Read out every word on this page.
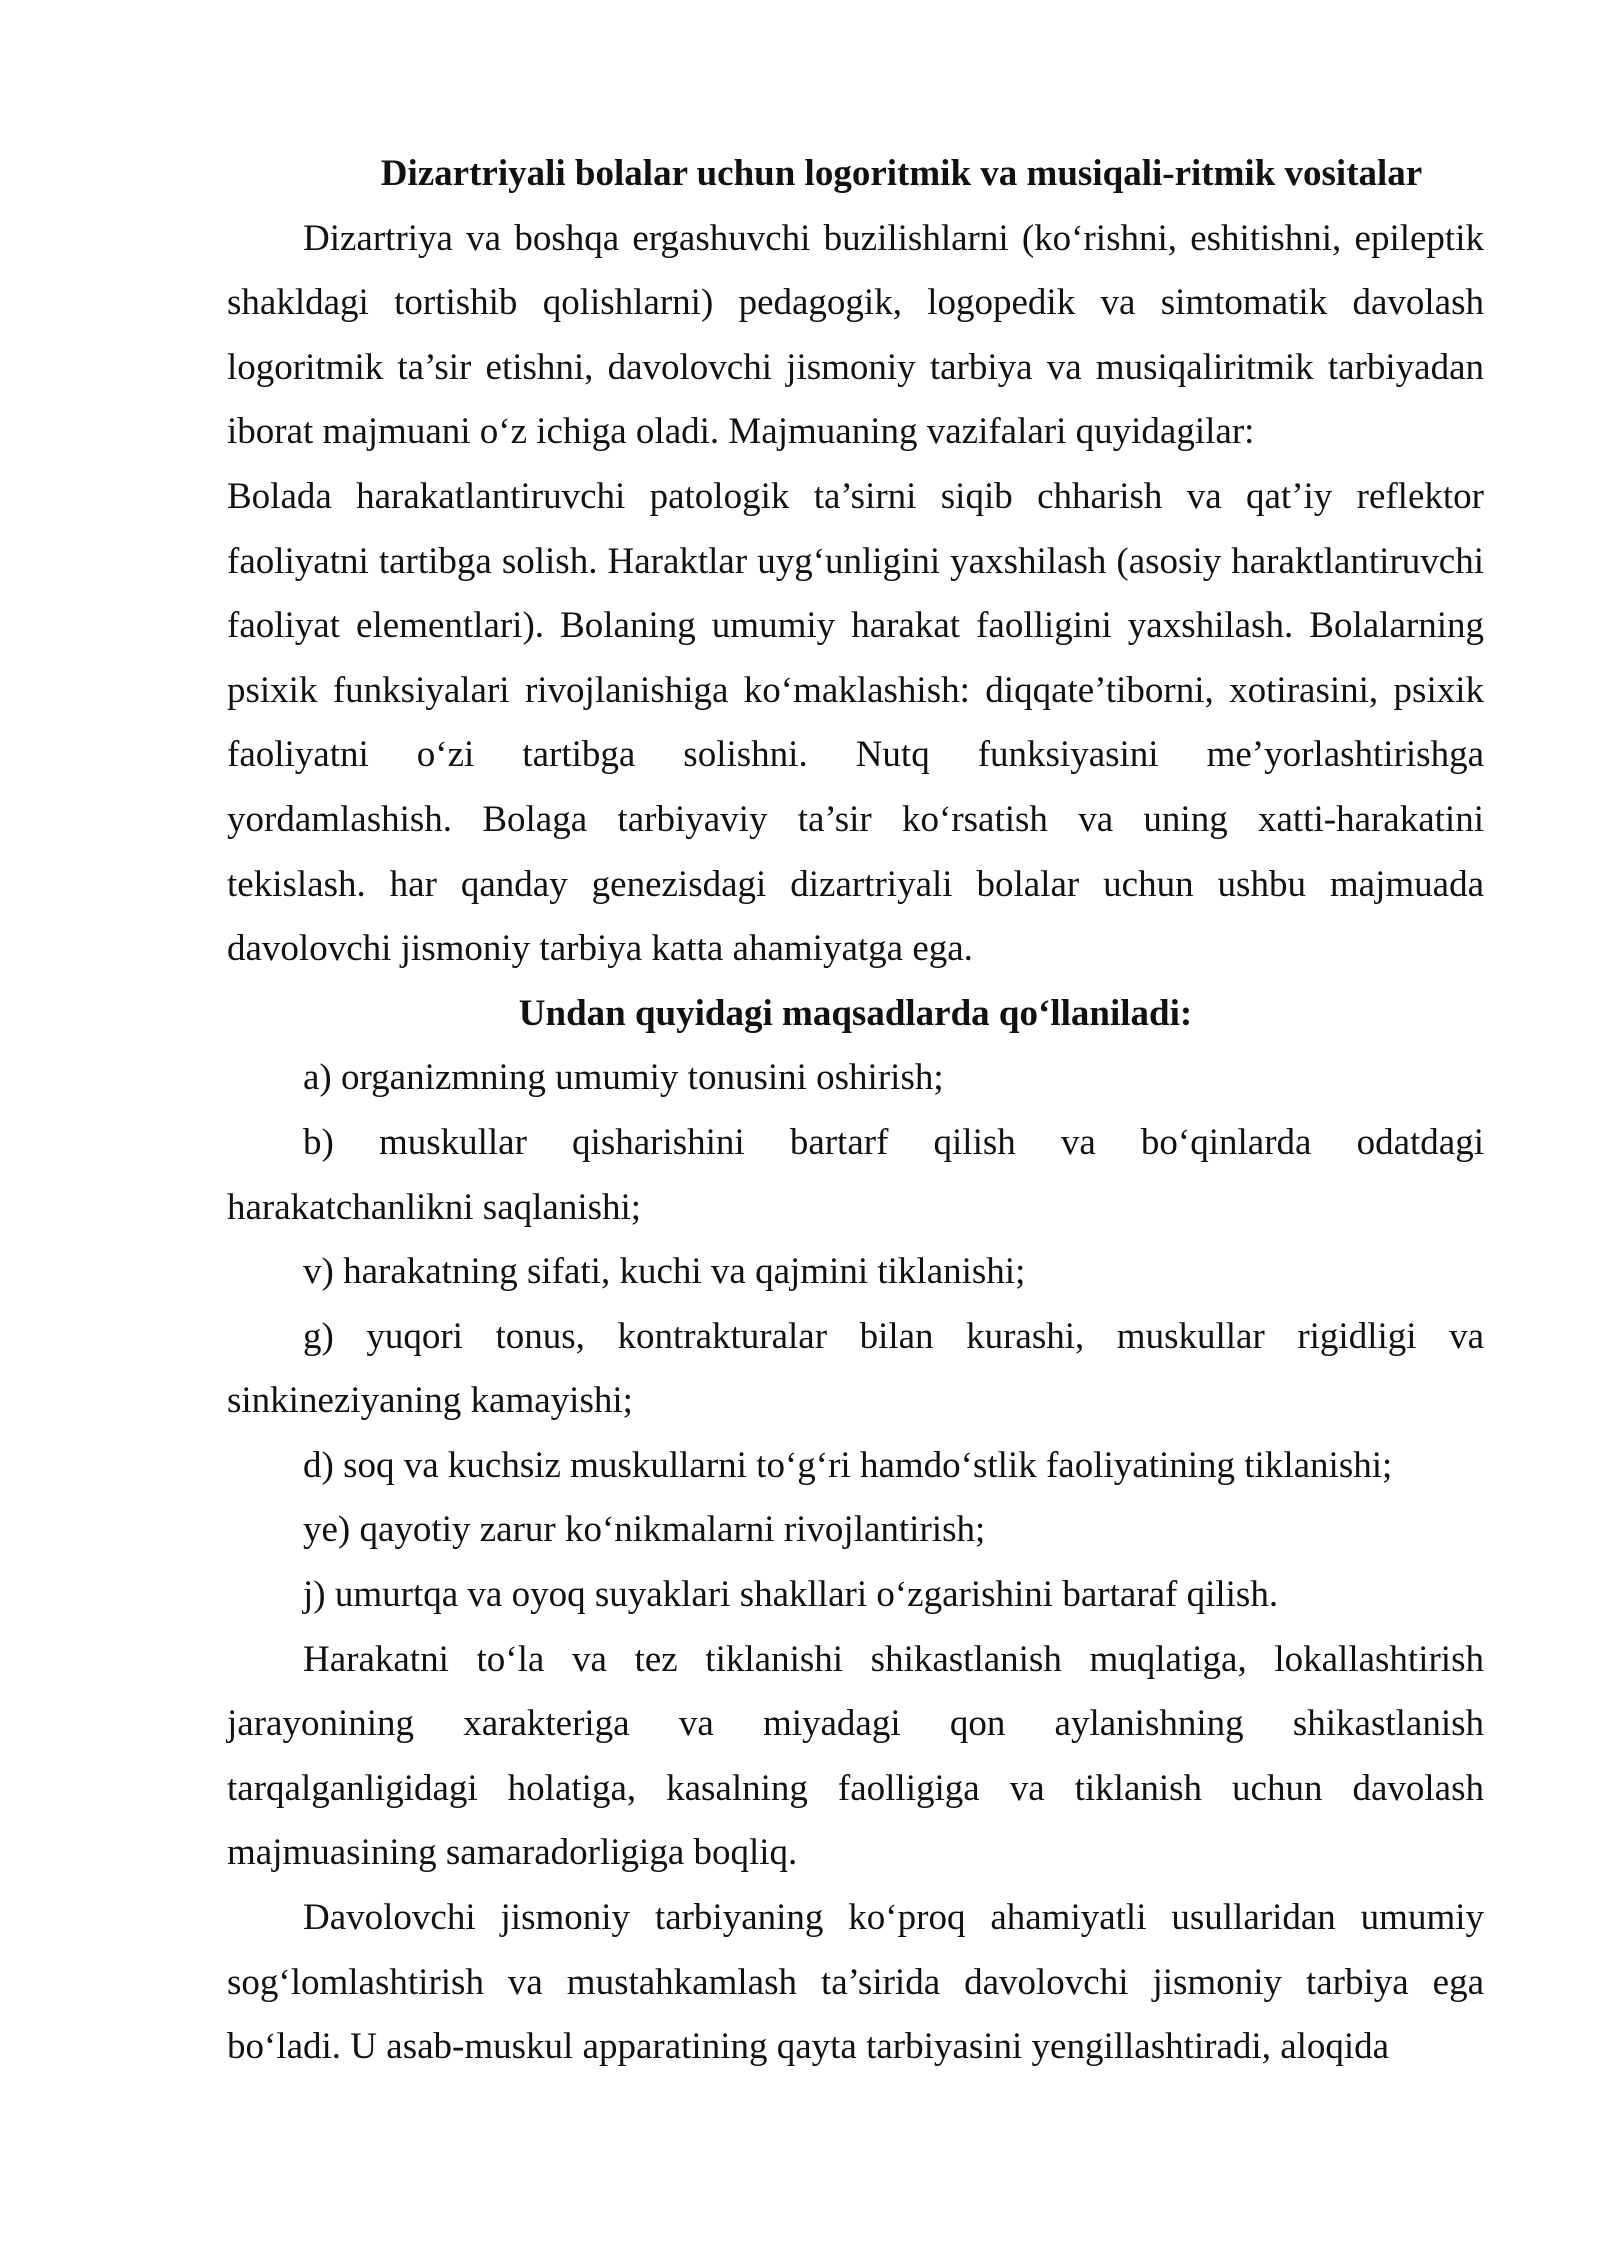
Dizartriyali bolalar uchun logoritmik va musiqali-ritmik vositalar

Dizartriya va boshqa ergashuvchi buzilishlarni (ko‘rishni, eshitishni, epileptik shakldagi tortishib qolishlarni) pedagogik, logopedik va simtomatik davolash logoritmik ta’sir etishni, davolovchi jismoniy tarbiya va musiqaliritmik tarbiyadan iborat majmuani o‘z ichiga oladi. Majmuaning vazifalari quyidagilar:

Bolada harakatlantiruvchi patologik ta’sirni siqib chharish va qat’iy reflektor faoliyatni tartibga solish. Haraktlar uyg‘unligini yaxshilash (asosiy haraktlantiruvchi faoliyat elementlari). Bolaning umumiy harakat faolligini yaxshilash. Bolalarning psixik funksiyalari rivojlanishiga ko‘maklashish: diqqate’tiborni, xotirasini, psixik faoliyatni o‘zi tartibga solishni. Nutq funksiyasini me’yorlashtirishga yordamlashish. Bolaga tarbiyaviy ta’sir ko‘rsatish va uning xatti-harakatini tekislash. har qanday genezisdagi dizartriyali bolalar uchun ushbu majmuada davolovchi jismoniy tarbiya katta ahamiyatga ega.

Undan quyidagi maqsadlarda qo‘llaniladi:

a) organizmning umumiy tonusini oshirish;

b) muskullar qisharishini bartarf qilish va bo‘qinlarda odatdagi harakatchanlikni saqlanishi;

v) harakatning sifati, kuchi va qajmini tiklanishi;

g) yuqori tonus, kontrakturalar bilan kurashi, muskullar rigidligi va sinkineziyaning kamayishi;

d) soq va kuchsiz muskullarni to‘g‘ri hamdo‘stlik faoliyatining tiklanishi;

ye) qayotiy zarur ko‘nikmalarni rivojlantirish;

j) umurtqa va oyoq suyaklari shakllari o‘zgarishini bartaraf qilish.

Harakatni to‘la va tez tiklanishi shikastlanish muqlatiga, lokallashtirish jarayonining xarakteriga va miyadagi qon aylanishning shikastlanish tarqalganligidagi holatiga, kasalning faolligiga va tiklanish uchun davolash majmuasining samaradorligiga boqliq.

Davolovchi jismoniy tarbiyaning ko‘proq ahamiyatli usullaridan umumiy sog‘lomlashtirish va mustahkamlash ta’sirida davolovchi jismoniy tarbiya ega bo‘ladi. U asab-muskul apparatining qayta tarbiyasini yengillashtiradi, aloqida
